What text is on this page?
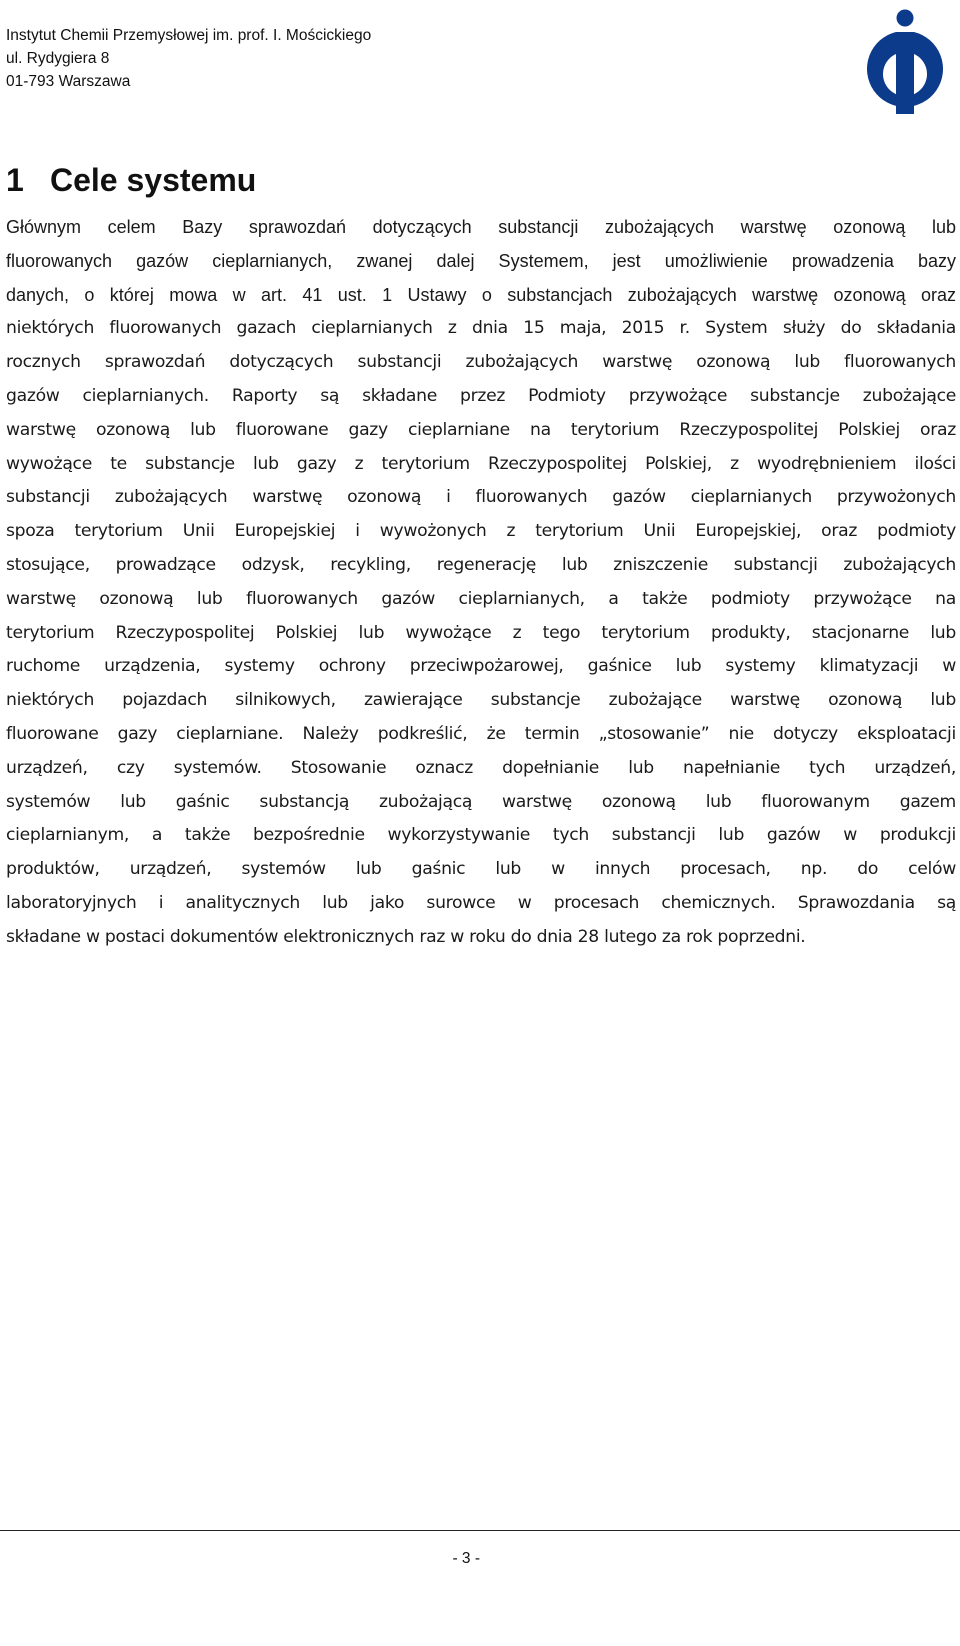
Instytut Chemii Przemysłowej im. prof. I. Mościckiego
ul. Rydygiera 8
01-793 Warszawa
1 Cele systemu
Głównym celem Bazy sprawozdań dotyczących substancji zubożających warstwę ozonową lub
fluorowanych gazów cieplarnianych, zwanej dalej Systemem, jest umożliwienie prowadzenia bazy
danych, o której mowa w art. 41 ust. 1 Ustawy o substancjach zubożających warstwę ozonową oraz
niektórych fluorowanych gazach cieplarnianych z dnia 15 maja, 2015 r. System służy do składania
rocznych sprawozdań dotyczących substancji zubożających warstwę ozonową lub fluorowanych
gazów cieplarnianych. Raporty są składane przez Podmioty przywożące substancje zubożające
warstwę ozonową lub fluorowane gazy cieplarniane na terytorium Rzeczypospolitej Polskiej oraz
wywożące te substancje lub gazy z terytorium Rzeczypospolitej Polskiej, z wyodrębnieniem ilości
substancji zubożających warstwę ozonową i fluorowanych gazów cieplarnianych przywożonych
spoza terytorium Unii Europejskiej i wywożonych z terytorium Unii Europejskiej, oraz podmioty
stosujące, prowadzące odzysk, recykling, regenerację lub zniszczenie substancji zubożających
warstwę ozonową lub fluorowanych gazów cieplarnianych, a także podmioty przywożące na
terytorium Rzeczypospolitej Polskiej lub wywożące z tego terytorium produkty, stacjonarne lub
ruchome urządzenia, systemy ochrony przeciwpożarowej, gaśnice lub systemy klimatyzacji w
niektórych pojazdach silnikowych, zawierające substancje zubożające warstwę ozonową lub
fluorowane gazy cieplarniane. Należy podkreślić, że termin „stosowanie” nie dotyczy eksploatacji
urządzeń, czy systemów. Stosowanie oznacz dopełnianie lub napełnianie tych urządzeń,
systemów lub gaśnic substancją zubożającą warstwę ozonową lub fluorowanym gazem
cieplarnianym, a także bezpośrednie wykorzystywanie tych substancji lub gazów w produkcji
produktów, urządzeń, systemów lub gaśnic lub w innych procesach, np. do celów
laboratoryjnych i analitycznych lub jako surowce w procesach chemicznych. Sprawozdania są
składane w postaci dokumentów elektronicznych raz w roku do dnia 28 lutego za rok poprzedni.
- 3 -
